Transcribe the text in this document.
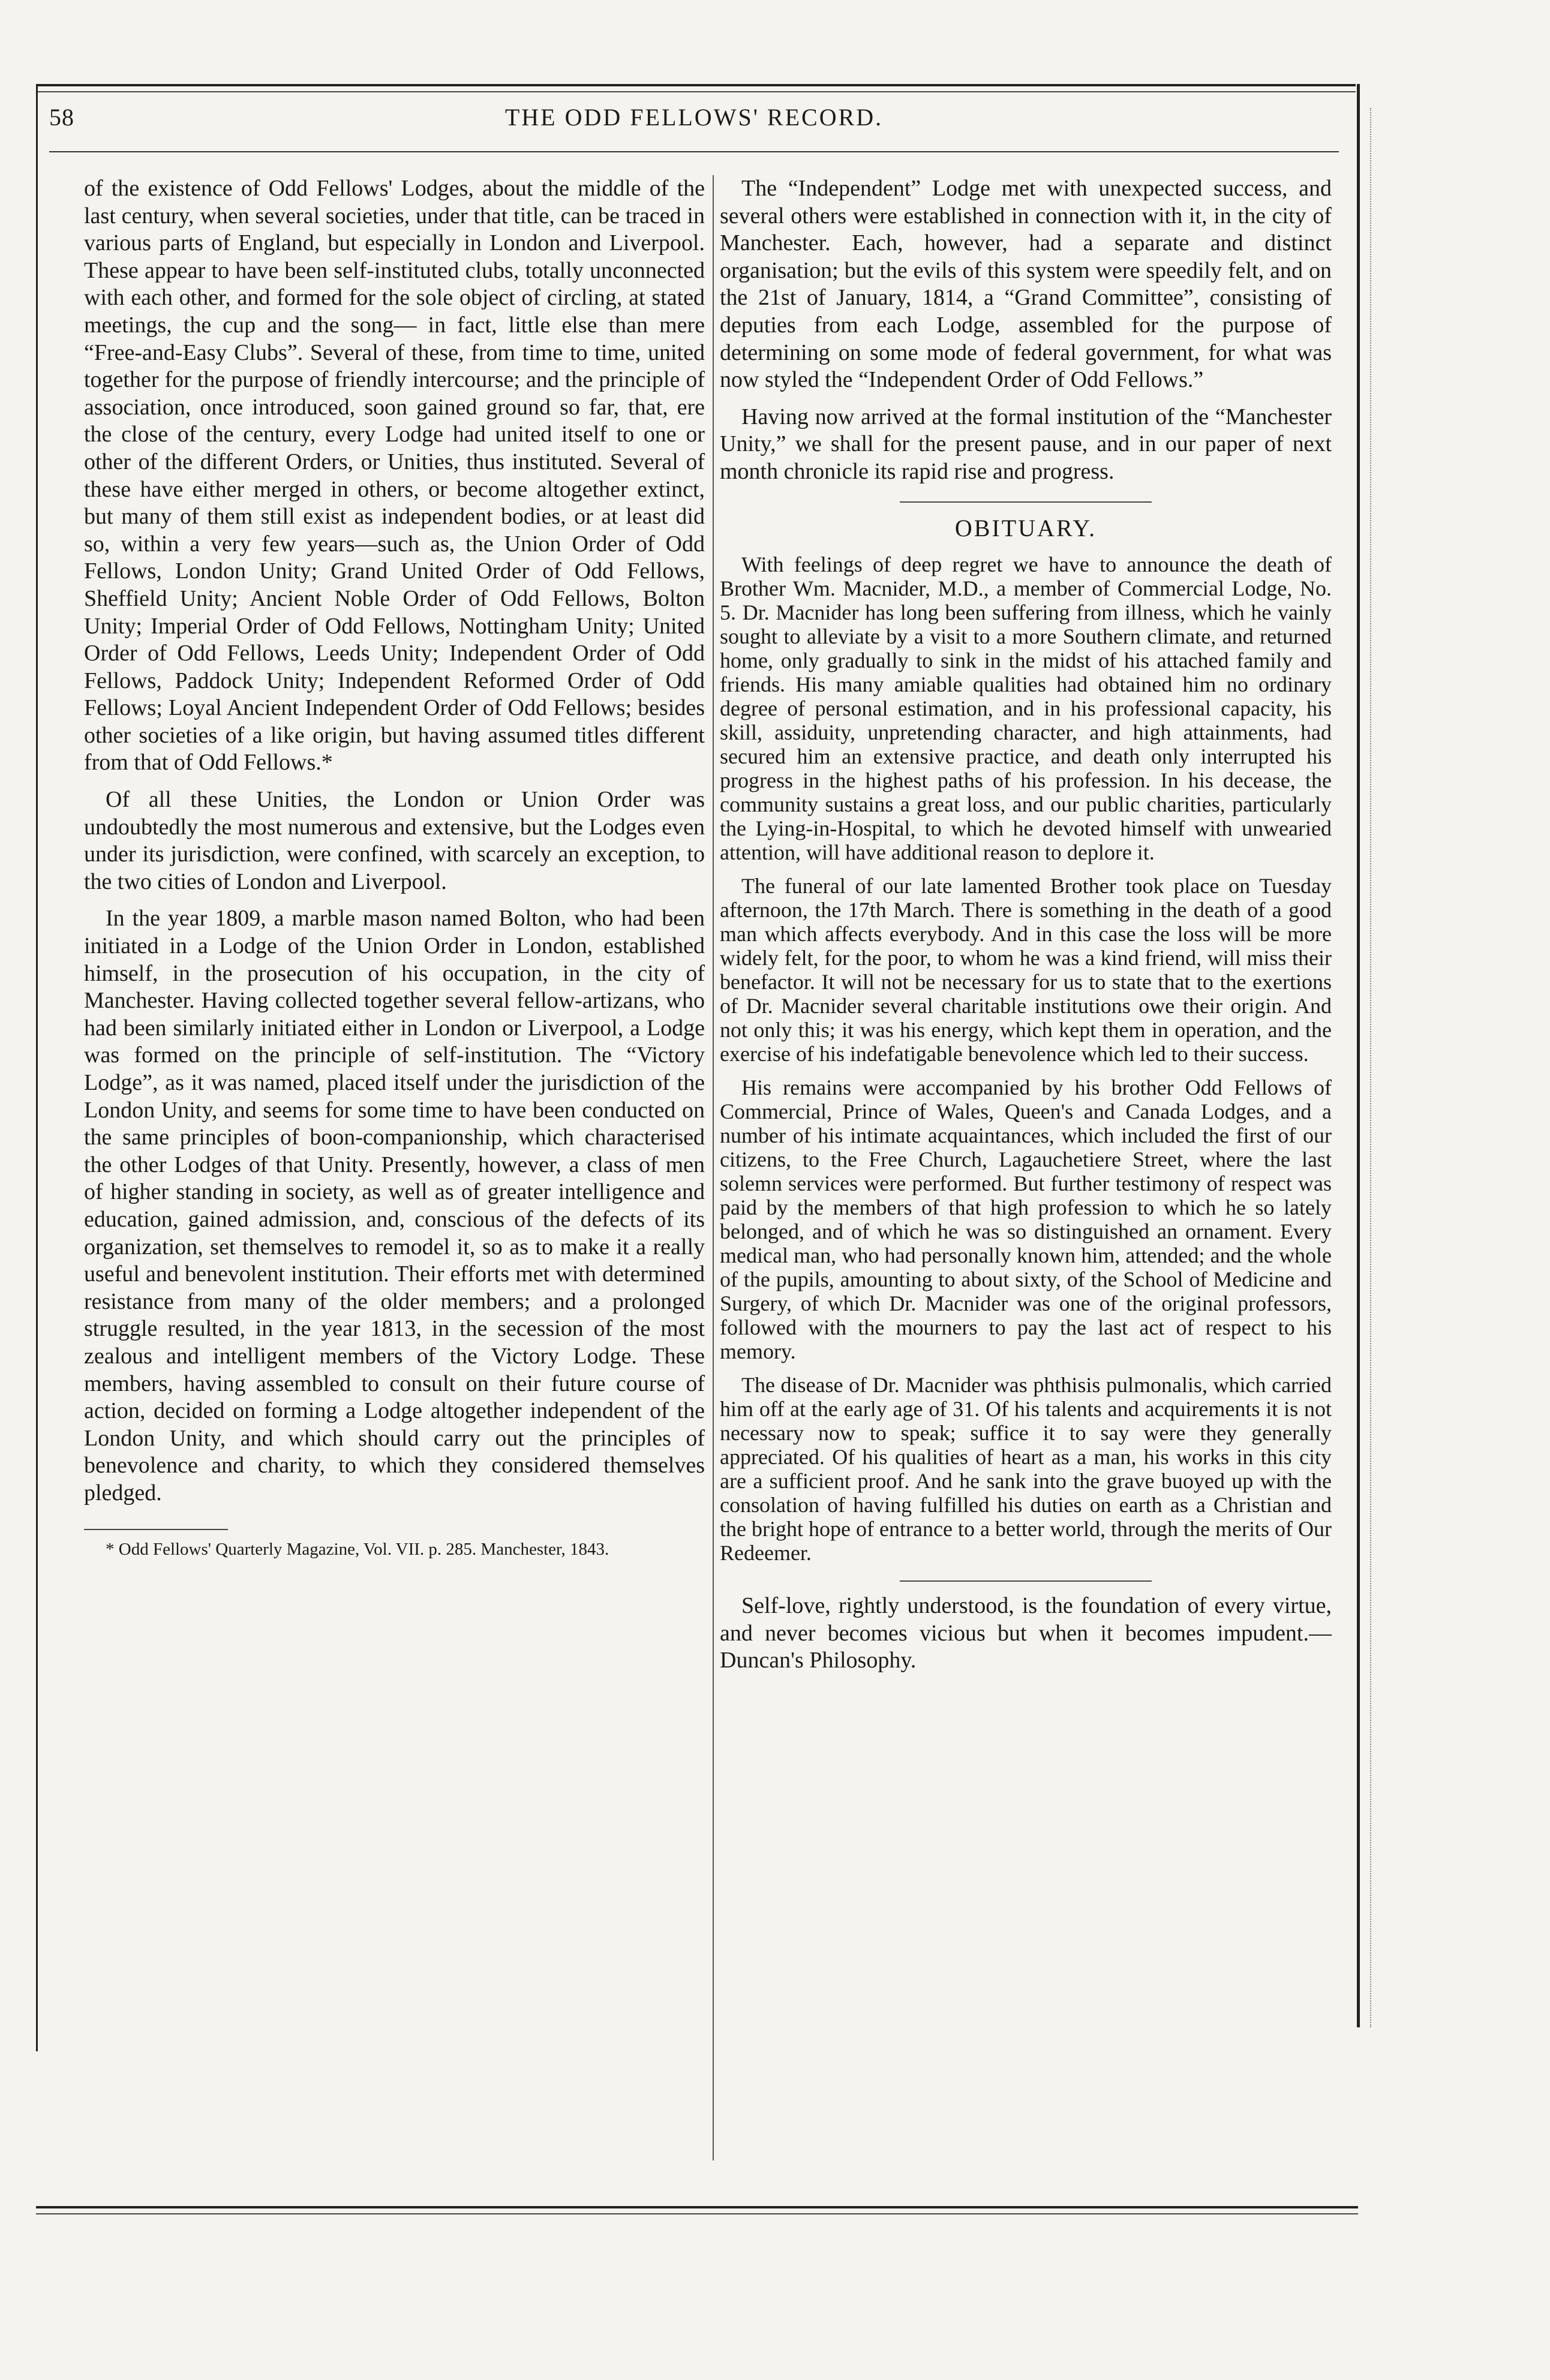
58	THE ODD FELLOWS' RECORD.

of the existence of Odd Fellows' Lodges, about the middle of the last century, when several societies, under that title, can be traced in various parts of England, but especially in London and Liverpool. These appear to have been self-instituted clubs, totally unconnected with each other, and formed for the sole object of circling, at stated meetings, the cup and the song— in fact, little else than mere “Free-and-Easy Clubs”. Several of these, from time to time, united together for the purpose of friendly intercourse; and the principle of association, once introduced, soon gained ground so far, that, ere the close of the century, every Lodge had united itself to one or other of the different Orders, or Unities, thus instituted. Several of these have either merged in others, or become altogether extinct, but many of them still exist as independent bodies, or at least did so, within a very few years—such as, the Union Order of Odd Fellows, London Unity; Grand United Order of Odd Fellows, Sheffield Unity; Ancient Noble Order of Odd Fellows, Bolton Unity; Imperial Order of Odd Fellows, Nottingham Unity; United Order of Odd Fellows, Leeds Unity; Independent Order of Odd Fellows, Paddock Unity; Independent Reformed Order of Odd Fellows; Loyal Ancient Independent Order of Odd Fellows; besides other societies of a like origin, but having assumed titles different from that of Odd Fellows.*

Of all these Unities, the London or Union Order was undoubtedly the most numerous and extensive, but the Lodges even under its jurisdiction, were confined, with scarcely an exception, to the two cities of London and Liverpool.

In the year 1809, a marble mason named Bolton, who had been initiated in a Lodge of the Union Order in London, established himself, in the prosecution of his occupation, in the city of Manchester. Having collected together several fellow-artizans, who had been similarly initiated either in London or Liverpool, a Lodge was formed on the principle of self-institution. The “Victory Lodge”, as it was named, placed itself under the jurisdiction of the London Unity, and seems for some time to have been conducted on the same principles of boon-companionship, which characterised the other Lodges of that Unity. Presently, however, a class of men of higher standing in society, as well as of greater intelligence and education, gained admission, and, conscious of the defects of its organization, set themselves to remodel it, so as to make it a really useful and benevolent institution. Their efforts met with determined resistance from many of the older members; and a prolonged struggle resulted, in the year 1813, in the secession of the most zealous and intelligent members of the Victory Lodge. These members, having assembled to consult on their future course of action, decided on forming a Lodge altogether independent of the London Unity, and which should carry out the principles of benevolence and charity, to which they considered themselves pledged.

* Odd Fellows' Quarterly Magazine, Vol. VII. p. 285. Manchester, 1843.

The “Independent” Lodge met with unexpected success, and several others were established in connection with it, in the city of Manchester. Each, however, had a separate and distinct organisation; but the evils of this system were speedily felt, and on the 21st of January, 1814, a “Grand Committee”, consisting of deputies from each Lodge, assembled for the purpose of determining on some mode of federal government, for what was now styled the “Independent Order of Odd Fellows.”

Having now arrived at the formal institution of the “Manchester Unity,” we shall for the present pause, and in our paper of next month chronicle its rapid rise and progress.

OBITUARY.

With feelings of deep regret we have to announce the death of Brother Wm. Macnider, M.D., a member of Commercial Lodge, No. 5. Dr. Macnider has long been suffering from illness, which he vainly sought to alleviate by a visit to a more Southern climate, and returned home, only gradually to sink in the midst of his attached family and friends. His many amiable qualities had obtained him no ordinary degree of personal estimation, and in his professional capacity, his skill, assiduity, unpretending character, and high attainments, had secured him an extensive practice, and death only interrupted his progress in the highest paths of his profession. In his decease, the community sustains a great loss, and our public charities, particularly the Lying-in-Hospital, to which he devoted himself with unwearied attention, will have additional reason to deplore it.

The funeral of our late lamented Brother took place on Tuesday afternoon, the 17th March. There is something in the death of a good man which affects everybody. And in this case the loss will be more widely felt, for the poor, to whom he was a kind friend, will miss their benefactor. It will not be necessary for us to state that to the exertions of Dr. Macnider several charitable institutions owe their origin. And not only this; it was his energy, which kept them in operation, and the exercise of his indefatigable benevolence which led to their success.

His remains were accompanied by his brother Odd Fellows of Commercial, Prince of Wales, Queen's and Canada Lodges, and a number of his intimate acquaintances, which included the first of our citizens, to the Free Church, Lagauchetiere Street, where the last solemn services were performed. But further testimony of respect was paid by the members of that high profession to which he so lately belonged, and of which he was so distinguished an ornament. Every medical man, who had personally known him, attended; and the whole of the pupils, amounting to about sixty, of the School of Medicine and Surgery, of which Dr. Macnider was one of the original professors, followed with the mourners to pay the last act of respect to his memory.

The disease of Dr. Macnider was phthisis pulmonalis, which carried him off at the early age of 31. Of his talents and acquirements it is not necessary now to speak; suffice it to say were they generally appreciated. Of his qualities of heart as a man, his works in this city are a sufficient proof. And he sank into the grave buoyed up with the consolation of having fulfilled his duties on earth as a Christian and the bright hope of entrance to a better world, through the merits of Our Redeemer.

Self-love, rightly understood, is the foundation of every virtue, and never becomes vicious but when it becomes impudent.—Duncan's Philosophy.
